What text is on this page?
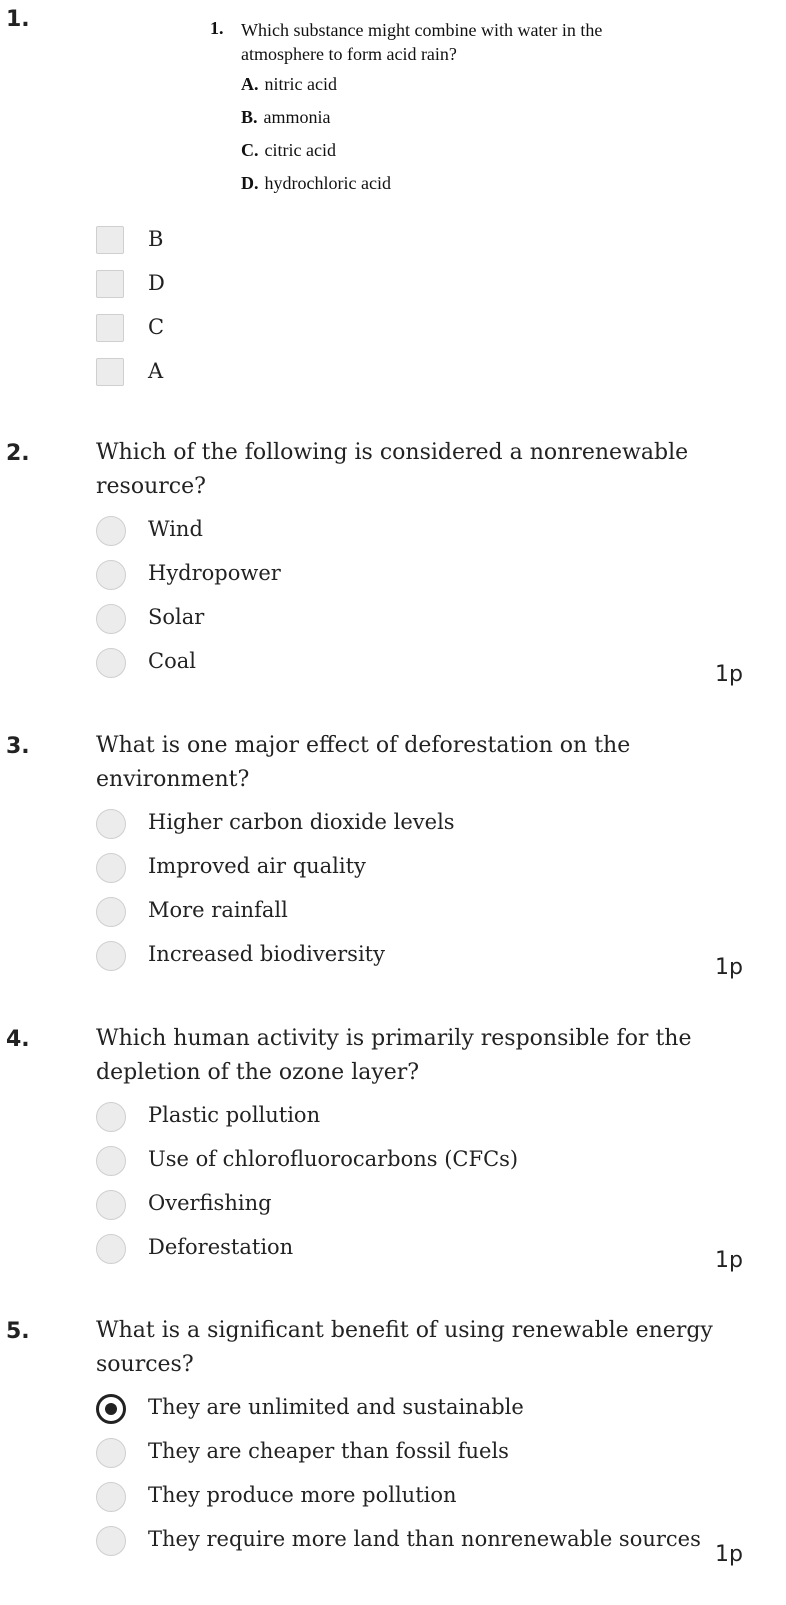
1.	1. Which substance might combine with water in the atmosphere to form acid rain?
A. nitric acid
B. ammonia
C. citric acid
D. hydrochloric acid
B
D
C
A
2.	Which of the following is considered a nonrenewable resource?
Wind
Hydropower
Solar
Coal
1p
3.	What is one major effect of deforestation on the environment?
Higher carbon dioxide levels
Improved air quality
More rainfall
Increased biodiversity
1p
4.	Which human activity is primarily responsible for the depletion of the ozone layer?
Plastic pollution
Use of chlorofluorocarbons (CFCs)
Overfishing
Deforestation
1p
5.	What is a significant benefit of using renewable energy sources?
They are unlimited and sustainable
They are cheaper than fossil fuels
They produce more pollution
They require more land than nonrenewable sources
1p
